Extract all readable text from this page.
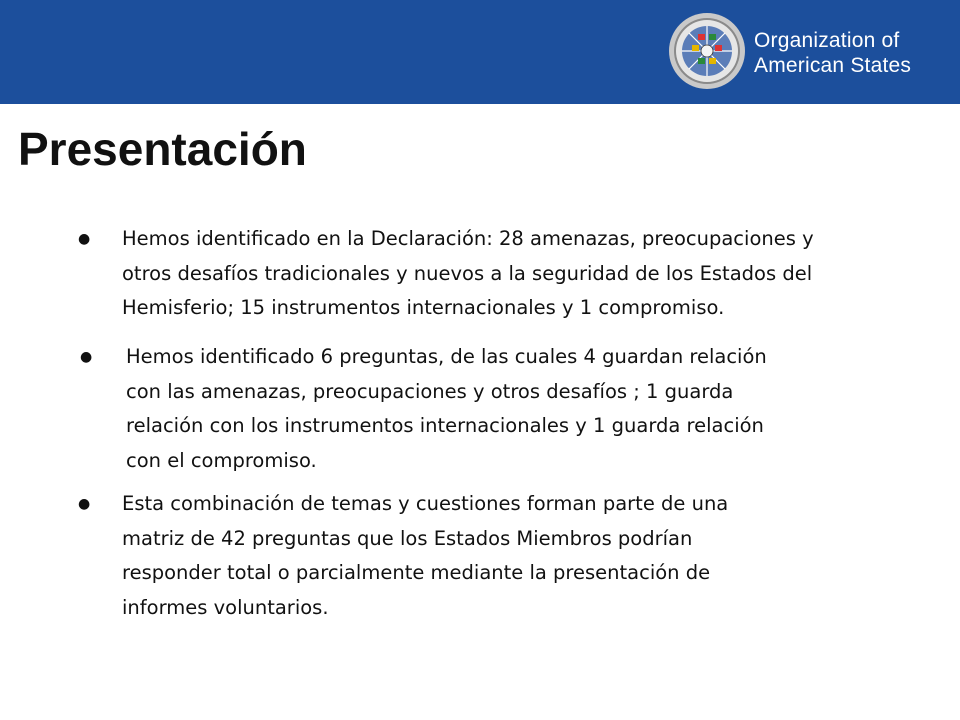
Organization of
American States
Presentación
● Hemos identificado en la Declaración: 28 amenazas, preocupaciones y
otros desafíos tradicionales y nuevos a la seguridad de los Estados del
Hemisferio; 15 instrumentos internacionales y 1 compromiso.
● Hemos identificado 6 preguntas, de las cuales 4 guardan relación
con las amenazas, preocupaciones y otros desafíos ; 1 guarda
relación con los instrumentos internacionales y 1 guarda relación
con el compromiso.
● Esta combinación de temas y cuestiones forman parte de una
matriz de 42 preguntas que los Estados Miembros podrían
responder total o parcialmente mediante la presentación de
informes voluntarios.
